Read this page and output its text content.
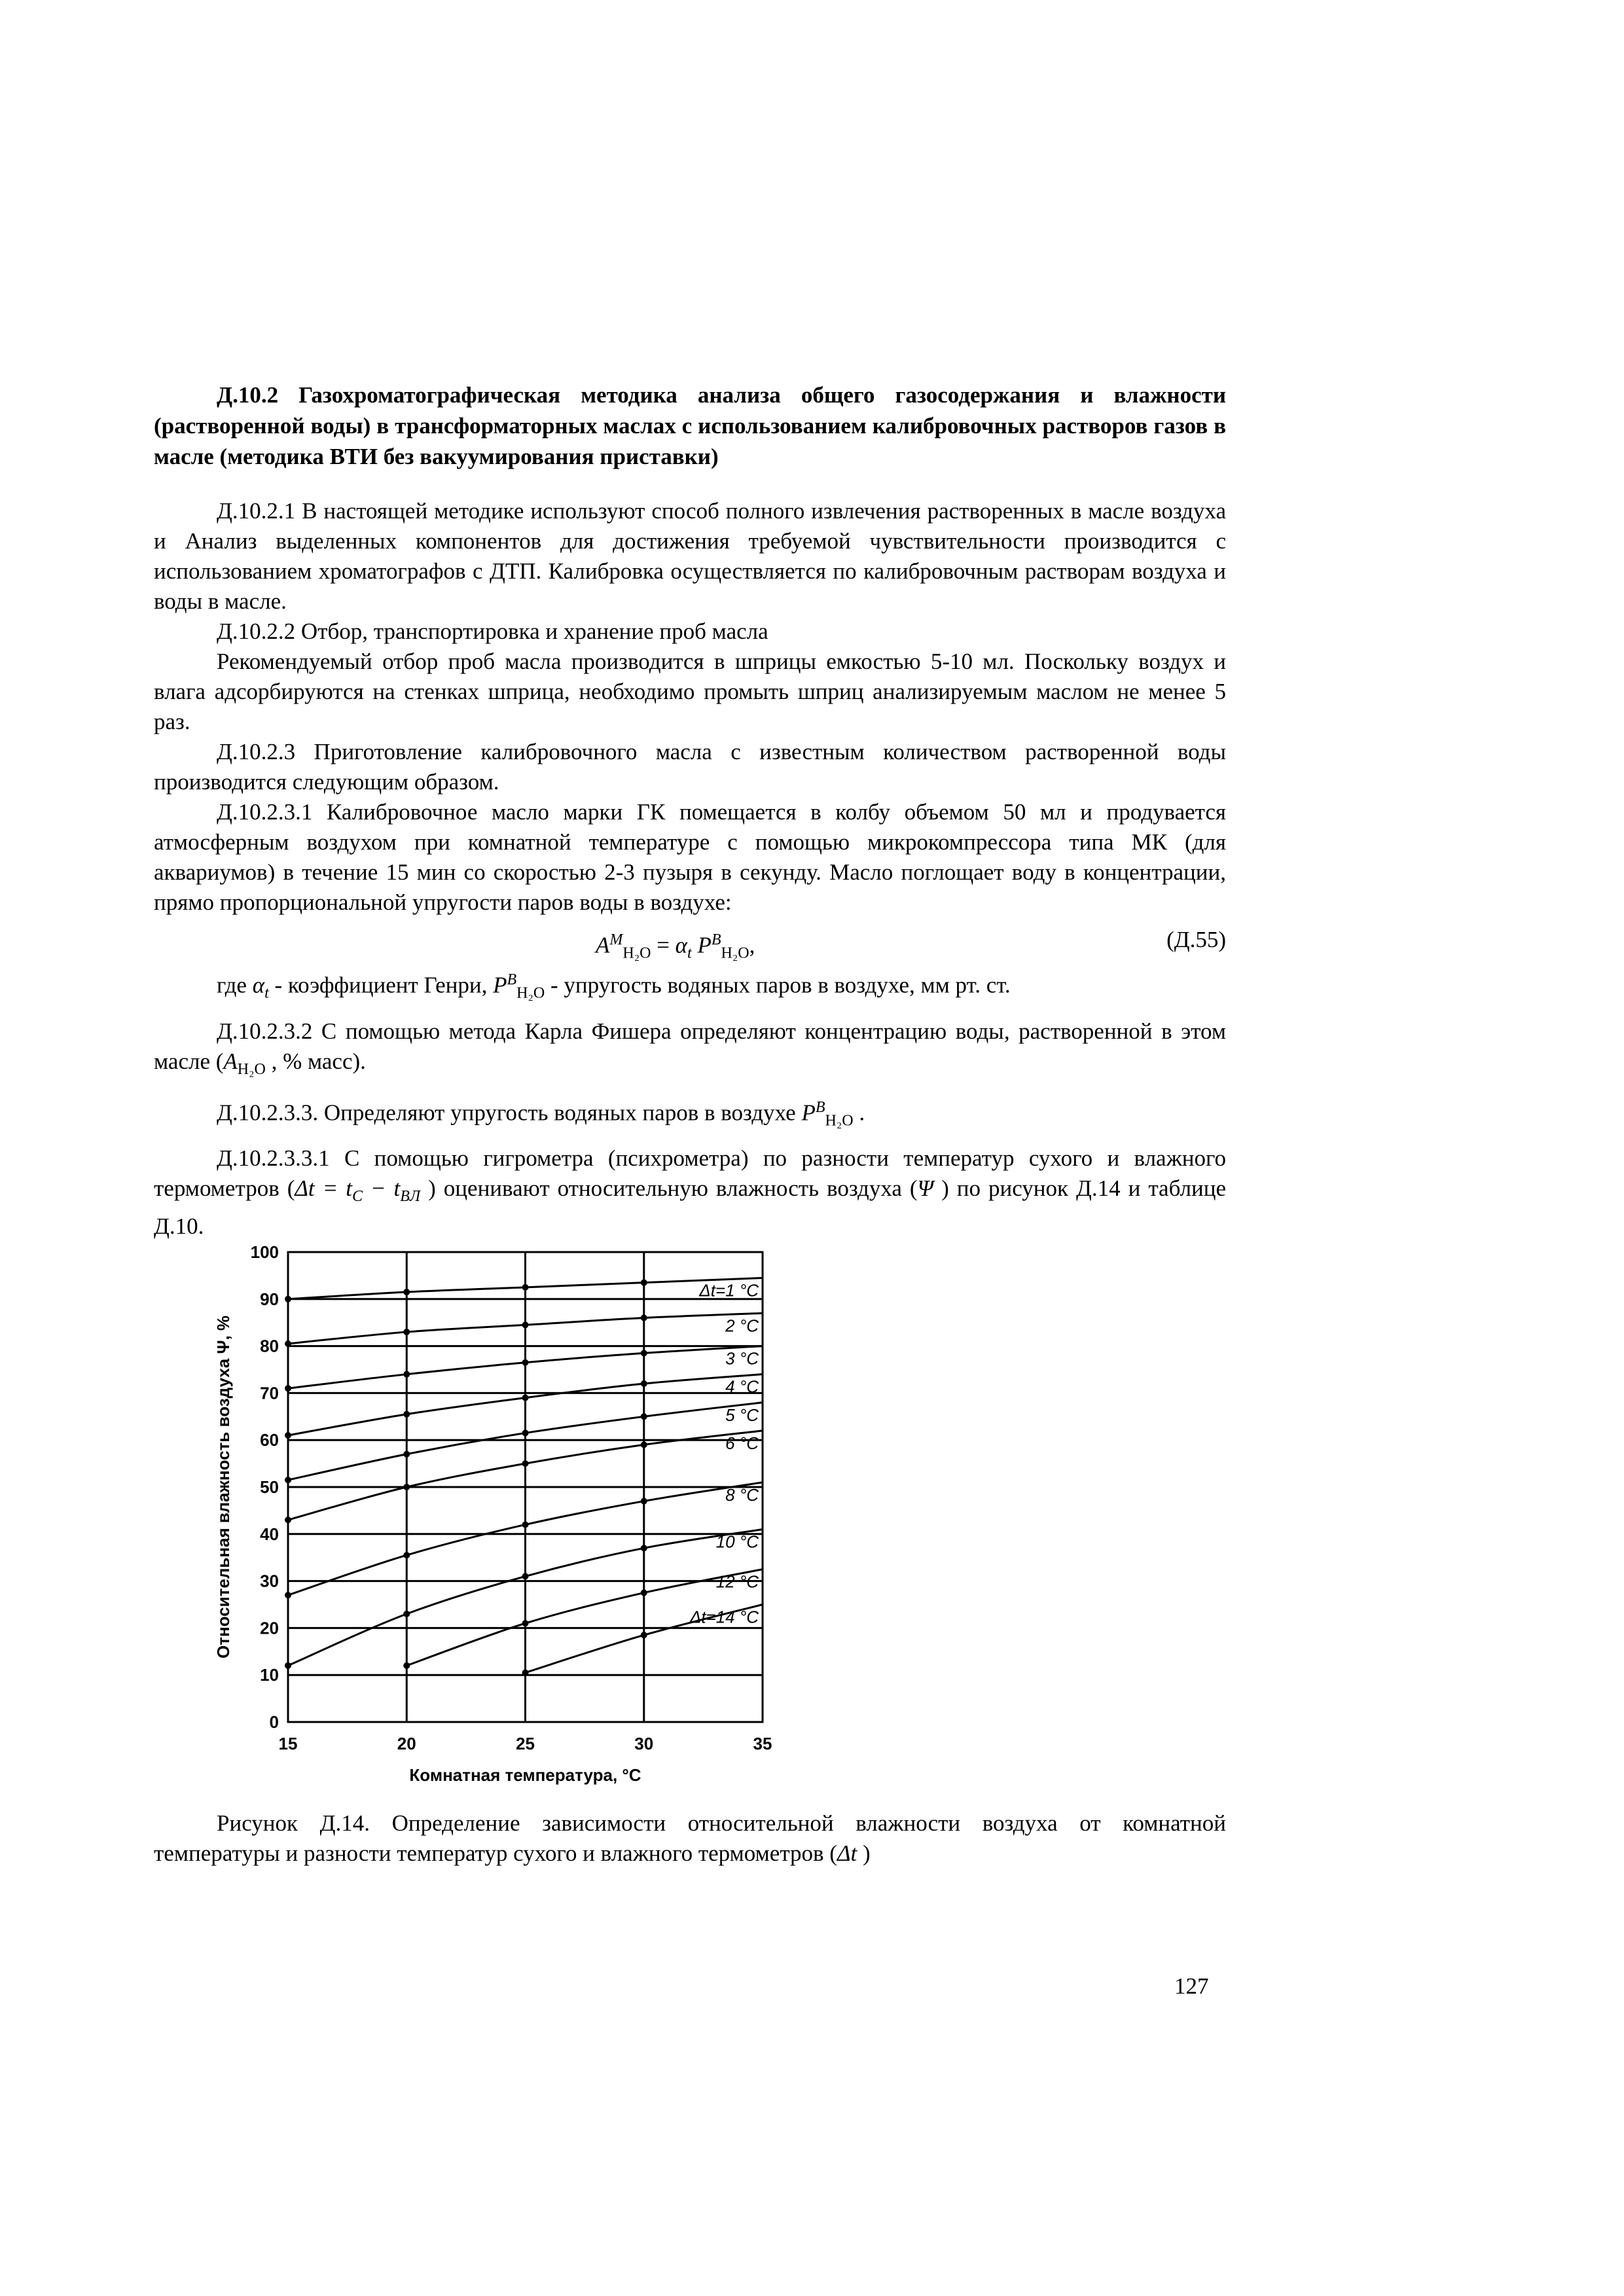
Д.10.2 Газохроматографическая методика анализа общего газосодержания и влажности (растворенной воды) в трансформаторных маслах с использованием калибровочных растворов газов в масле (методика ВТИ без вакуумирования приставки)

Д.10.2.1 В настоящей методике используют способ полного извлечения растворенных в масле воздуха и Анализ выделенных компонентов для достижения требуемой чувствительности производится с использованием хроматографов с ДТП. Калибровка осуществляется по калибровочным растворам воздуха и воды в масле.

Д.10.2.2 Отбор, транспортировка и хранение проб масла

Рекомендуемый отбор проб масла производится в шприцы емкостью 5-10 мл. Поскольку воздух и влага адсорбируются на стенках шприца, необходимо промыть шприц анализируемым маслом не менее 5 раз.

Д.10.2.3 Приготовление калибровочного масла с известным количеством растворенной воды производится следующим образом.

Д.10.2.3.1 Калибровочное масло марки ГК помещается в колбу объемом 50 мл и продувается атмосферным воздухом при комнатной температуре с помощью микрокомпрессора типа МК (для аквариумов) в течение 15 мин со скоростью 2-3 пузыря в секунду. Масло поглощает воду в концентрации, прямо пропорциональной упругости паров воды в воздухе:

$A^M_{H_2O} = \alpha_t$ $P^B_{H_2O}$,	(Д.55)

где $\alpha_t$ - коэффициент Генри, $P^B_{H_2O}$ - упругость водяных паров в воздухе, мм рт. ст.

Д.10.2.3.2 С помощью метода Карла Фишера определяют концентрацию воды, растворенной в этом масле ($A_{H_2O}$ , % масс).

Д.10.2.3.3. Определяют упругость водяных паров в воздухе $P^B_{H_2O}$ .

Д.10.2.3.3.1 С помощью гигрометра (психрометра) по разности температур сухого и влажного термометров ($\Delta t = t_C - t_{ВЛ}$ ) оценивают относительную влажность воздуха (Ψ ) по рисунок Д.14 и таблице Д.10.

0
10
20
30
40
50
60
70
80
90
100
15	20	25	30	35
Комнатная температура, °С
Относительная влажность воздуха Ψ, %
Δt=1 °С
2 °С
3 °С
4 °С
5 °С
6 °С
8 °С
10 °С
12 °С
Δt=14 °С

Рисунок Д.14. Определение зависимости относительной влажности воздуха от комнатной температуры и разности температур сухого и влажного термометров (Δt )

127
